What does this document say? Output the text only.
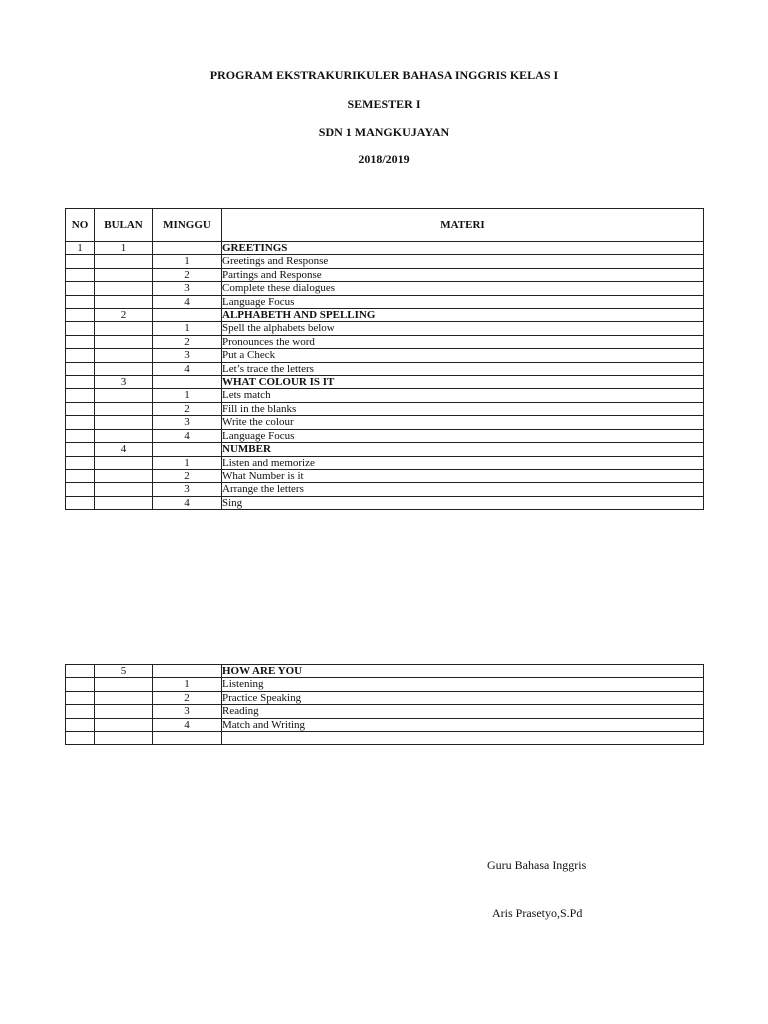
PROGRAM EKSTRAKURIKULER BAHASA INGGRIS KELAS I

SEMESTER I

SDN 1 MANGKUJAYAN

2018/2019

NO	BULAN	MINGGU	MATERI
1	1		GREETINGS
		1	Greetings and Response
		2	Partings and Response
		3	Complete these dialogues
		4	Language Focus
	2		ALPHABETH AND SPELLING
		1	Spell the alphabets below
		2	Pronounces the word
		3	Put a Check
		4	Let’s trace the letters
	3		WHAT COLOUR IS IT
		1	Lets match
		2	Fill in the blanks
		3	Write the colour
		4	Language Focus
	4		NUMBER
		1	Listen and memorize
		2	What Number is it
		3	Arrange the letters
		4	Sing
	5		HOW ARE YOU
		1	Listening
		2	Practice Speaking
		3	Reading
		4	Match and Writing

Guru Bahasa Inggris

Aris Prasetyo,S.Pd
